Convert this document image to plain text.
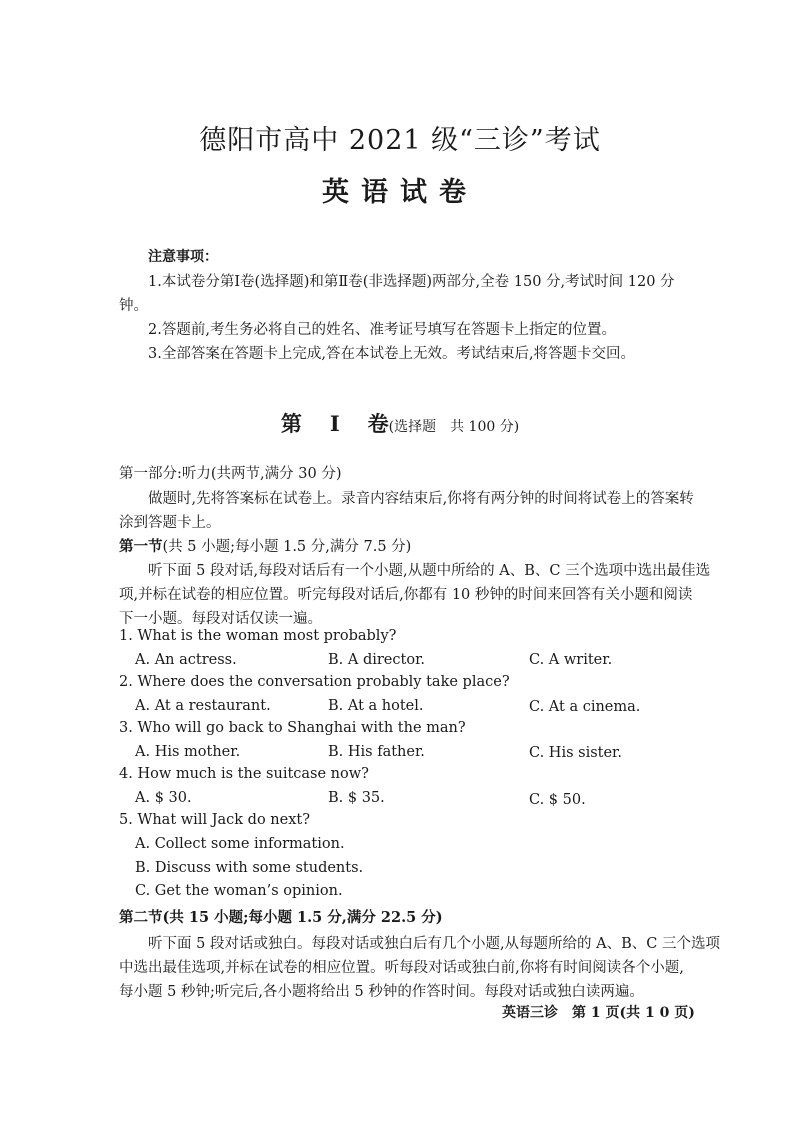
德阳市高中 2021 级“三诊”考试
英语试卷
注意事项：
1.本试卷分第Ⅰ卷(选择题)和第Ⅱ卷(非选择题)两部分,全卷 150 分,考试时间 120 分
钟。
2.答题前,考生务必将自己的姓名、准考证号填写在答题卡上指定的位置。
3.全部答案在答题卡上完成,答在本试卷上无效。考试结束后,将答题卡交回。
第 Ⅰ 卷(选择题　共 100 分)
第一部分:听力(共两节,满分 30 分)
做题时,先将答案标在试卷上。录音内容结束后,你将有两分钟的时间将试卷上的答案转
涂到答题卡上。
第一节(共 5 小题;每小题 1.5 分,满分 7.5 分)
听下面 5 段对话,每段对话后有一个小题,从题中所给的 A、B、C 三个选项中选出最佳选
项,并标在试卷的相应位置。听完每段对话后,你都有 10 秒钟的时间来回答有关小题和阅读
下一小题。每段对话仅读一遍。
1. What is the woman most probably?
A. An actress.	B. A director.	C. A writer.
2. Where does the conversation probably take place?
A. At a restaurant.	B. At a hotel.	C. At a cinema.
3. Who will go back to Shanghai with the man?
A. His mother.	B. His father.	C. His sister.
4. How much is the suitcase now?
A. $ 30.	B. $ 35.	C. $ 50.
5. What will Jack do next?
A. Collect some information.
B. Discuss with some students.
C. Get the woman’s opinion.
第二节(共 15 小题;每小题 1.5 分,满分 22.5 分)
听下面 5 段对话或独白。每段对话或独白后有几个小题,从每题所给的 A、B、C 三个选项
中选出最佳选项,并标在试卷的相应位置。听每段对话或独白前,你将有时间阅读各个小题,
每小题 5 秒钟;听完后,各小题将给出 5 秒钟的作答时间。每段对话或独白读两遍。
英语三诊　第 1 页(共 1 0 页)
